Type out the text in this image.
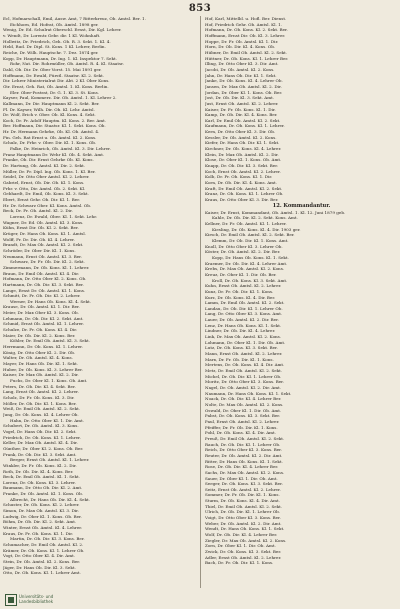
853
Ecl, Hofmarschall, Emil, Ausw. Amt, 7 Ritterkreuz, Ob. Amtsl. Ber. 1.
Eichhorn, Ed. Hofrat, Ob. Amtsl. 1898 ger.
Wenig, Dr. Ed. Schulrat Oberschl. Ernst, Dir. Kgl. Lehrer.
v. Wendt, Dr. Lorentz Gebr. dir. 1 Kl. Wohnhaft.
Hollwitz, Dr. Friedrich, Geh. Ob. R. 3. Sekt. 1. Kl. 4.
Held, Rud. Dr. Dipl. St. Kons. 1 Kl. Lehrer, Berlin.
Reiche, Dr. Wilh. Hauptschr. 7. Dez. 1874 ger.
Kopp, Dr. Hauptmann, Dr. Ing. 1. Kl. Inspektor 7. Sekt.
Rohr, Nat. Dir. Rohrmüller, Ob. Amtsl. R. 4. Kl. Staatsr.
Dahl, Ob. Dir. Dr. Ober Vorst. 15. Mai 1891 ger.
Hoffmann, Dr. Ewald, Fürstl. Staatsr. Kl. 2. Sekt.
Dir. Lehrer Ministerialrat Dir. Abt. 2 Kl. Ober Kons.
Gtr. Ernst, Geh. Rat, Ob. Amtsl. 1. Kl. Kons. Berlin.
Eler. Ober-Postrat, Dr. G. 1. Kl. 3. St. Kons.
Kayser, Paul, Kommerz. Dir. Ob. Amtsl. 1. Kl. Lehrer 2.
Kallmann, Dr. Dir. Hauptmann Kl. 2. Sekt. Ber.
Fl. Dr. Kayser, Wilh. Dir. Ob. Kl. Lehr. Amtsl.
Dr. Wolf, Erich v. Ober. Ob. Kl. Kons. 4. Sekt.
Koch, Dr. Fr. Adolf Hauptm. Kl. Kons. 2. Ber. Amt.
Ber. Hoffmann, Dir. Staatsr. Kl. 1. Sekt. Kons. Ob.
Hr. Dr. Hermann Gehrke, Ob. Kl. Ob. Amtsl. 4.
Fin. Geh. Rat Ernst u. Ob. Amtsl. Kl. 2. Kons.
Schulz, Dr. Frhr. v. Ober. Dir. Kl. 1. Kons. Ob.
Falke, Dr. Heinrich, Ob. Amtsl. Kl. 3. Dir. Lehrer.
Franz Hauptmann Dr. Wehr Kl. Ob. 4. Sekt. Amt.
Franke, Ob. Dir. Ernst Gehrke Ob. Kl. Kons.
Dr. Hartung, Ob. Amtsl. Kl. Dir. 2. Sekt.
Müller, Dr. Fr. Dipl. Ing. Ob. Kons. 1. Kl. Ber.
Seidel, Dr. Otto Ober Amtsl. Kl. 2. Lehrer.
Gabriel, Ernst, Ob. Dir. Ob. Kl. 1. Kons.
Frhr. v. Otto, Dir. Amtsl. Ob. 2. Sekt. Kl.
Gebhardt, Dr. Emil, Ob. Kons. Kl. 3. Sekt.
Ebert, Ernst Gehr. Ob. Dir. Kl. 1. Ber.
Hr. Dr. Schwarz Ober. Kl. Kons. Amtsl. Ob.
Beck, Dr. Fr. Ob. Amtsl. Kl. 2. Dir.
Lorenz, Dr. Ewald, Ober. Kl. 1. Sekt. Lehr.
Wagner, Dr. Ed. Ob. Amtsl. Kl. 3. Kons.
Kühn, Ernst Dir. Ob. Kl. 2. Sekt. Ber.
Krüger, Dr. Hans Ob. Kons. Kl. 1. Amtsl.
Wolff, Fr. Dr. Dir. Ob. Kl. 4. Lehrer.
Brandt, Dr. Max Ob. Amtsl. Kl. 2. Sekt.
Schröder, Dr. Ober Dir. Kl. 1. Kons.
Neumann, Ernst Ob. Amtsl. Kl. 3. Ber.
Schwarz, Dr. Fr. Ob. Dir. Kl. 2. Sekt.
Zimmermann, Dr. Ob. Kons. Kl. 1. Lehrer.
Braun, Dr. Emil Ob. Amtsl. Kl. 4. Dir.
Hofmann, Dr. Otto Ober Kl. 2. Kons. Ob.
Hartmann, Dr. Ob. Dir. Kl. 3. Sekt. Ber.
Lange, Ernst Dr. Ob. Amtsl. Kl. 1. Kons.
Schmitt, Dr. Fr. Ob. Dir. Kl. 2. Lehrer.
Werner, Dr. Hans Ob. Kons. Kl. 4. Sekt.
Krause, Dr. Ob. Amtsl. Kl. 1. Dir. Ber.
Meier, Dr. Max Ober Kl. 3. Kons. Ob.
Lehmann, Dr. Ob. Dir. Kl. 2. Sekt. Amt.
Schmid, Ernst Ob. Amtsl. Kl. 1. Lehrer.
Schulze, Dr. Fr. Ob. Kons. Kl. 4. Dir.
Maier, Dr. Ob. Dir. Kl. 2. Kons. Ber.
Köhler, Dr. Emil Ob. Amtsl. Kl. 3. Sekt.
Herrmann, Dr. Ob. Kons. Kl. 1. Lehrer.
König, Dr. Otto Ober Kl. 2. Dir. Ob.
Walter, Dr. Ob. Amtsl. Kl. 4. Kons.
Mayer, Dr. Hans Ob. Dir. Kl. 1. Sekt.
Huber, Dr. Ob. Kons. Kl. 3. Lehrer Ber.
Kaiser, Dr. Max Ob. Amtsl. Kl. 2. Dir.
Fuchs, Dr. Ober Kl. 1. Kons. Ob. Amt.
Peters, Dr. Ob. Dir. Kl. 4. Sekt. Ber.
Lang, Ernst Ob. Amtsl. Kl. 2. Lehrer.
Scholz, Dr. Fr. Ob. Kons. Kl. 3. Dir.
Möller, Dr. Ob. Dir. Kl. 1. Kons. Ber.
Weiß, Dr. Emil Ob. Amtsl. Kl. 2. Sekt.
Jung, Dr. Ob. Kons. Kl. 4. Lehrer Ob.
Hahn, Dr. Otto Ober Kl. 1. Dir. Amt.
Schubert, Dr. Ob. Amtsl. Kl. 3. Kons.
Vogel, Dr. Hans Ob. Dir. Kl. 2. Sekt.
Friedrich, Dr. Ob. Kons. Kl. 1. Lehrer.
Keller, Dr. Max Ob. Amtsl. Kl. 4. Dir.
Günther, Dr. Ober Kl. 2. Kons. Ob. Ber.
Frank, Dr. Ob. Dir. Kl. 3. Sekt. Amt.
Berger, Ernst Ob. Amtsl. Kl. 1. Lehrer.
Winkler, Dr. Fr. Ob. Kons. Kl. 2. Dir.
Roth, Dr. Ob. Dir. Kl. 4. Kons. Ber.
Beck, Dr. Emil Ob. Amtsl. Kl. 1. Sekt.
Lorenz, Dr. Ob. Kons. Kl. 3. Lehrer.
Baumann, Dr. Otto Ob. Dir. Kl. 2. Amt.
Franke, Dr. Ob. Amtsl. Kl. 1. Kons. Ob.
Albrecht, Dr. Hans Ob. Dir. Kl. 4. Sekt.
Schuster, Dr. Ob. Kons. Kl. 2. Lehrer.
Simon, Dr. Max Ob. Amtsl. Kl. 3. Dir.
Ludwig, Dr. Ober Kl. 1. Kons. Ob. Ber.
Böhm, Dr. Ob. Dir. Kl. 2. Sekt. Amt.
Winter, Ernst Ob. Amtsl. Kl. 4. Lehrer.
Kraus, Dr. Fr. Ob. Kons. Kl. 1. Dir.
Martin, Dr. Ob. Dir. Kl. 3. Kons. Ber.
Schumacher, Dr. Emil Ob. Amtsl. Kl. 2.
Krämer, Dr. Ob. Kons. Kl. 1. Lehrer Ob.
Vogt, Dr. Otto Ober Kl. 4. Dir. Amt.
Stein, Dr. Ob. Amtsl. Kl. 2. Kons. Ber.
Jäger, Dr. Hans Ob. Dir. Kl. 3. Sekt.
Otto, Dr. Ob. Kons. Kl. 1. Lehrer Amt.
Hof, Karl, Mittelbl. u. Hofl. Ber. Dienst.
Hof, Friedrich Gehr. Ob. Amtsl. Kl. 1.
Hofmann, Dr. Ob. Kons. Kl. 2. Sekt. Ber.
Hoffmann, Ernst Dir. Ob. Kl. 3. Lehrer.
Hoppe, Dr. Fr. Ob. Amtsl. Kl. 1. Dir.
Horn, Dr. Ob. Dir. Kl. 4. Kons. Ob.
Hübner, Dr. Emil Ob. Amtsl. Kl. 2. Sekt.
Hüttner, Dr. Ob. Kons. Kl. 1. Lehrer Ber.
Illing, Dr. Otto Ober Kl. 3. Dir. Amt.
Jacobi, Dr. Ob. Amtsl. Kl. 2. Kons.
Jahn, Dr. Hans Ob. Dir. Kl. 1. Sekt.
Janke, Dr. Ob. Kons. Kl. 4. Lehrer Ob.
Jansen, Dr. Max Ob. Amtsl. Kl. 2. Dir.
Jordan, Dr. Ober Kl. 1. Kons. Ob. Ber.
Jost, Dr. Ob. Dir. Kl. 3. Sekt. Amt.
Just, Ernst Ob. Amtsl. Kl. 2. Lehrer.
Kaiser, Dr. Fr. Ob. Kons. Kl. 1. Dir.
Kamp, Dr. Ob. Dir. Kl. 4. Kons. Ber.
Karl, Dr. Emil Ob. Amtsl. Kl. 2. Sekt.
Kaufmann, Dr. Ob. Kons. Kl. 1. Lehrer.
Kern, Dr. Otto Ober Kl. 3. Dir. Ob.
Kessler, Dr. Ob. Amtsl. Kl. 2. Kons.
Kiefer, Dr. Hans Ob. Dir. Kl. 1. Sekt.
Kirchner, Dr. Ob. Kons. Kl. 4. Lehrer.
Klein, Dr. Max Ob. Amtsl. Kl. 2. Dir.
Klose, Dr. Ober Kl. 1. Kons. Ob. Amt.
Knapp, Dr. Ob. Dir. Kl. 3. Sekt. Ber.
Koch, Ernst Ob. Amtsl. Kl. 2. Lehrer.
Kolb, Dr. Fr. Ob. Kons. Kl. 1. Dir.
Korn, Dr. Ob. Dir. Kl. 4. Kons. Amt.
Kraft, Dr. Emil Ob. Amtsl. Kl. 2. Sekt.
Kranz, Dr. Ob. Kons. Kl. 1. Lehrer Ob.
Kraus, Dr. Otto Ober Kl. 3. Dir. Ber.
12. Kommandantur.
Kaiser, Dr. Ernst, Kommandant, Ob. Amtsl. 1. Kl. 12. Juni 1879 geb.
Kahle, Dr. Ob. Dir. Kl. 2. Sekt. Kons. Amt.
Kellner, Dr. Fr. Ob. Amtsl. Kl. 1. Lehrer.
Kiesling, Dr. Ob. Kons. Kl. 4. Dir. 1903 ger.
Kirsch, Dr. Emil Ob. Amtsl. Kl. 2. Sekt. Ber.
Klemm, Dr. Ob. Dir. Kl. 1. Kons. Amt.
Knoll, Dr. Otto Ober Kl. 3. Lehrer Ob.
Köster, Dr. Ob. Amtsl. Kl. 2. Dir. Ber.
Kopp, Dr. Hans Ob. Kons. Kl. 1. Sekt.
Kraemer, Dr. Ob. Dir. Kl. 4. Lehrer Amt.
Krebs, Dr. Max Ob. Amtsl. Kl. 2. Kons.
Kreuz, Dr. Ober Kl. 1. Dir. Ob. Ber.
Kroll, Dr. Ob. Kons. Kl. 3. Sekt. Amt.
Kuhn, Ernst Ob. Amtsl. Kl. 2. Lehrer.
Kunz, Dr. Fr. Ob. Dir. Kl. 1. Kons.
Kurz, Dr. Ob. Kons. Kl. 4. Dir. Ber.
Lamm, Dr. Emil Ob. Amtsl. Kl. 2. Sekt.
Landau, Dr. Ob. Dir. Kl. 1. Lehrer Ob.
Lang, Dr. Otto Ober Kl. 3. Kons. Amt.
Lauer, Dr. Ob. Amtsl. Kl. 2. Dir. Ber.
Lenz, Dr. Hans Ob. Kons. Kl. 1. Sekt.
Lindner, Dr. Ob. Dir. Kl. 4. Lehrer.
Link, Dr. Max Ob. Amtsl. Kl. 2. Kons.
Lohmann, Dr. Ober Kl. 1. Dir. Ob. Amt.
Lutz, Dr. Ob. Kons. Kl. 3. Sekt. Ber.
Mann, Ernst Ob. Amtsl. Kl. 2. Lehrer.
Marx, Dr. Fr. Ob. Dir. Kl. 1. Kons.
Mertens, Dr. Ob. Kons. Kl. 4. Dir. Amt.
Metz, Dr. Emil Ob. Amtsl. Kl. 2. Sekt.
Michel, Dr. Ob. Dir. Kl. 1. Lehrer Ob.
Moritz, Dr. Otto Ober Kl. 3. Kons. Ber.
Nagel, Dr. Ob. Amtsl. Kl. 2. Dir. Amt.
Naumann, Dr. Hans Ob. Kons. Kl. 1. Sekt.
Noack, Dr. Ob. Dir. Kl. 4. Lehrer Ber.
Nolte, Dr. Max Ob. Amtsl. Kl. 2. Kons.
Oswald, Dr. Ober Kl. 1. Dir. Ob. Amt.
Pabst, Dr. Ob. Kons. Kl. 3. Sekt. Ber.
Paul, Ernst Ob. Amtsl. Kl. 2. Lehrer.
Pfeiffer, Dr. Fr. Ob. Dir. Kl. 1. Kons.
Pohl, Dr. Ob. Kons. Kl. 4. Dir. Amt.
Preuß, Dr. Emil Ob. Amtsl. Kl. 2. Sekt.
Rauch, Dr. Ob. Dir. Kl. 1. Lehrer Ob.
Reich, Dr. Otto Ober Kl. 3. Kons. Ber.
Reuter, Dr. Ob. Amtsl. Kl. 2. Dir. Amt.
Ritter, Dr. Hans Ob. Kons. Kl. 1. Sekt.
Rose, Dr. Ob. Dir. Kl. 4. Lehrer Ber.
Sachs, Dr. Max Ob. Amtsl. Kl. 2. Kons.
Sauer, Dr. Ober Kl. 1. Dir. Ob. Amt.
Seeger, Dr. Ob. Kons. Kl. 3. Sekt. Ber.
Seitz, Ernst Ob. Amtsl. Kl. 2. Lehrer.
Sommer, Dr. Fr. Ob. Dir. Kl. 1. Kons.
Sturm, Dr. Ob. Kons. Kl. 4. Dir. Amt.
Thiel, Dr. Emil Ob. Amtsl. Kl. 2. Sekt.
Ulrich, Dr. Ob. Dir. Kl. 1. Lehrer Ob.
Voigt, Dr. Otto Ober Kl. 3. Kons. Ber.
Weber, Dr. Ob. Amtsl. Kl. 2. Dir. Amt.
Wendt, Dr. Hans Ob. Kons. Kl. 1. Sekt.
Wolf, Dr. Ob. Dir. Kl. 4. Lehrer Ber.
Ziegler, Dr. Max Ob. Amtsl. Kl. 2. Kons.
Zorn, Dr. Ober Kl. 1. Dir. Ob. Amt.
Zwick, Dr. Ob. Kons. Kl. 3. Sekt. Ber.
Adler, Ernst Ob. Amtsl. Kl. 2. Lehrer.
Bach, Dr. Fr. Ob. Dir. Kl. 1. Kons.
Universitäts- und
Landesbibliothek
